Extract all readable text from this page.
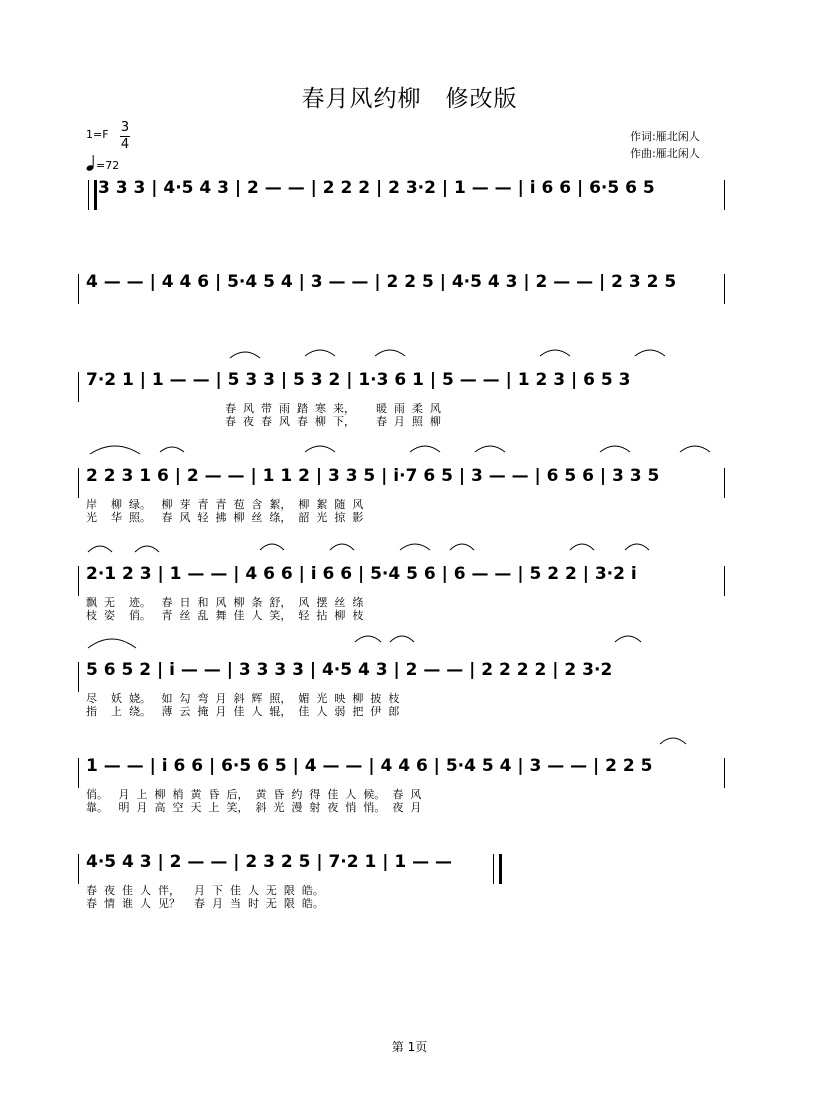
春月风约柳　修改版
1=F 3
4
=72
作词:雁北闲人
作曲:雁北闲人
3 3 3 | 4·5 4 3 | 2 — — | 2 2 2 | 2 3·2 | 1 — — | i 6 6 | 6·5 6 5
4 — — | 4 4 6 | 5·4 5 4 | 3 — — | 2 2 5 | 4·5 4 3 | 2 — — | 2 3 2 5
7·2 1 | 1 — — | 5 3 3 | 5 3 2 | 1·3 6 1 | 5 — — | 1 2 3 | 6 5 3
春  风  带  雨  踏  寒  来，      暖  雨  柔  风
春  夜  春  风  春  柳  下，      春  月  照  柳
2 2 3 1 6 | 2 — — | 1 1 2 | 3 3 5 | i·7 6 5 | 3 — — | 6 5 6 | 3 3 5
岸    柳  绿。   柳  芽  青  青  苞  含  絮，  柳  絮  随  风
光    华  照。   春  风  轻  拂  柳  丝  绦，  韶  光  掠  影
2·1 2 3 | 1 — — | 4 6 6 | i 6 6 | 5·4 5 6 | 6 — — | 5 2 2 | 3·2 i
飘  无    迹。   春  日  和  风  柳  条  舒，  风  摆  丝  绦
枝  姿    俏。   青  丝  乱  舞  佳  人  笑，  轻  拈  柳  枝
5 6 5 2 | i — — | 3 3 3 3 | 4·5 4 3 | 2 — — | 2 2 2 2 | 2 3·2
尽    妖  娆。   如  勾  弯  月  斜  辉  照，  媚  光  映  柳  披  枝
指    上  绕。   薄  云  掩  月  佳  人  辊，  佳  人  弱  把  伊  郎
1 — — | i 6 6 | 6·5 6 5 | 4 — — | 4 4 6 | 5·4 5 4 | 3 — — | 2 2 5
俏。   月  上  柳  梢  黄  昏  后，  黄  昏  约  得  佳  人  候。  春  风
靠。   明  月  高  空  天  上  笑，  斜  光  漫  射  夜  悄  悄。  夜  月
4·5 4 3 | 2 — — | 2 3 2 5 | 7·2 1 | 1 — —
春  夜  佳  人  伴，    月  下  佳  人  无  限  皓。
春  情  谁  人  见？    春  月  当  时  无  限  皓。
第 1页
